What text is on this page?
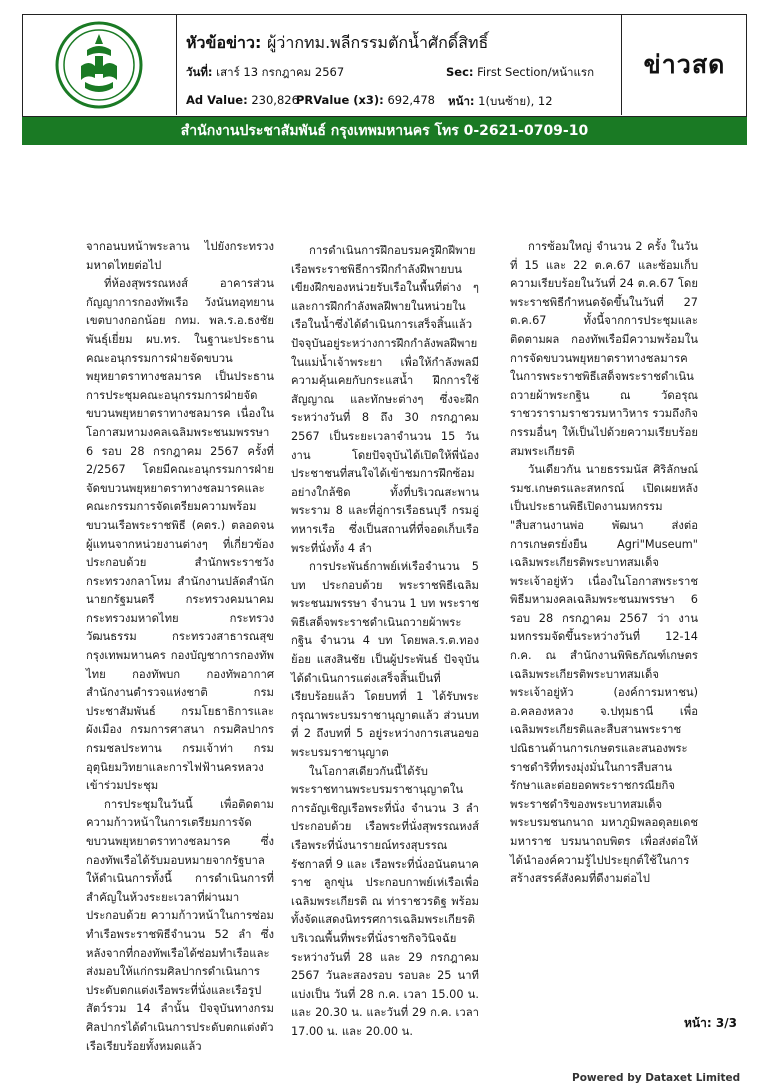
หัวข้อข่าว: ผู้ว่ากทม.พลีกรรมตักน้ำศักดิ์สิทธิ์
วันที่: เสาร์ 13 กรกฎาคม 2567	Sec: First Section/หน้าแรก
Ad Value: 230,826
PRValue (x3): 692,478 หน้า: 1(บนซ้าย), 12
ข่าวสด
สำนักงานประชาสัมพันธ์ กรุงเทพมหานคร โทร 0-2621-0709-10

จากอนบหน้าพระลาน ไปยังกระทรวงมหาดไทยต่อไป

ที่ห้องสุพรรณหงส์ อาคารส่วนกัญญาการกองทัพเรือ วังนันทอุทยาน เขตบางกอกน้อย กทม. พล.ร.อ.ธงชัย พันธุ์เยี่ยม ผบ.ทร. ในฐานะประธานคณะอนุกรรมการฝ่ายจัดขบวนพยุหยาตราทางชลมารค เป็นประธานการประชุมคณะอนุกรรมการฝ่ายจัดขบวนพยุหยาตราทางชลมารค เนื่องในโอกาสมหามงคลเฉลิมพระชนมพรรษา 6 รอบ 28 กรกฎาคม 2567 ครั้งที่ 2/2567 โดยมีคณะอนุกรรมการฝ่ายจัดขบวนพยุหยาตราทางชลมารคและคณะกรรมการจัดเตรียมความพร้อมขบวนเรือพระราชพิธี (คตร.) ตลอดจนผู้แทนจากหน่วยงานต่างๆ ที่เกี่ยวข้อง ประกอบด้วย สำนักพระราชวัง กระทรวงกลาโหม สำนักงานปลัดสำนักนายกรัฐมนตรี กระทรวงคมนาคม กระทรวงมหาดไทย กระทรวงวัฒนธรรม กระทรวงสาธารณสุข กรุงเทพมหานคร กองบัญชาการกองทัพไทย กองทัพบก กองทัพอากาศ สำนักงานตำรวจแห่งชาติ กรมประชาสัมพันธ์ กรมโยธาธิการและผังเมือง กรมการศาสนา กรมศิลปากร กรมชลประทาน กรมเจ้าท่า กรมอุตุนิยมวิทยาและการไฟฟ้านครหลวง เข้าร่วมประชุม

การประชุมในวันนี้ เพื่อติดตามความก้าวหน้าในการเตรียมการจัดขบวนพยุหยาตราทางชลมารค ซึ่งกองทัพเรือได้รับมอบหมายจากรัฐบาลให้ดำเนินการทั้งนี้ การดำเนินการที่สำคัญในห้วงระยะเวลาที่ผ่านมาประกอบด้วย ความก้าวหน้าในการซ่อมทำเรือพระราชพิธีจำนวน 52 ลำ ซึ่งหลังจากที่กองทัพเรือได้ซ่อมทำเรือและส่งมอบให้แก่กรมศิลปากรดำเนินการประดับตกแต่งเรือพระที่นั่งและเรือรูปสัตว์รวม 14 ลำนั้น ปัจจุบันทางกรมศิลปากรได้ดำเนินการประดับตกแต่งตัวเรือเรียบร้อยทั้งหมดแล้ว

การดำเนินการฝึกอบรมครูฝึกฝีพายเรือพระราชพิธีการฝึกกำลังฝีพายบนเขียงฝึกของหน่วยรับเรือในพื้นที่ต่าง ๆ และการฝึกกำลังพลฝีพายในหน่วยในเรือในน้ำซึ่งได้ดำเนินการเสร็จสิ้นแล้ว ปัจจุบันอยู่ระหว่างการฝึกกำลังพลฝีพายในแม่น้ำเจ้าพระยา เพื่อให้กำลังพลมีความคุ้นเคยกับกระแสน้ำ ฝึกการใช้สัญญาณ และทักษะต่างๆ ซึ่งจะฝึกระหว่างวันที่ 8 ถึง 30 กรกฎาคม 2567 เป็นระยะเวลาจำนวน 15 วันงาน โดยปัจจุบันได้เปิดให้พี่น้องประชาชนที่สนใจได้เข้าชมการฝึกซ้อมอย่างใกล้ชิด ทั้งที่บริเวณสะพานพระราม 8 และที่อู่การเรือธนบุรี กรมอู่ทหารเรือ ซึ่งเป็นสถานที่ที่จอดเก็บเรือพระที่นั่งทั้ง 4 ลำ

การประพันธ์กาพย์เห่เรือจำนวน 5 บท ประกอบด้วย พระราชพิธีเฉลิมพระชนมพรรษา จำนวน 1 บท พระราชพิธีเสด็จพระราชดำเนินถวายผ้าพระกฐิน จำนวน 4 บท โดยพล.ร.ต.ทองย้อย แสงสินชัย เป็นผู้ประพันธ์ ปัจจุบันได้ดำเนินการแต่งเสร็จสิ้นเป็นที่เรียบร้อยแล้ว โดยบทที่ 1 ได้รับพระกรุณาพระบรมราชานุญาตแล้ว ส่วนบทที่ 2 ถึงบทที่ 5 อยู่ระหว่างการเสนอขอพระบรมราชานุญาต

ในโอกาสเดียวกันนี้ได้รับพระราชทานพระบรมราชานุญาตในการอัญเชิญเรือพระที่นั่ง จำนวน 3 ลำ ประกอบด้วย เรือพระที่นั่งสุพรรณหงส์ เรือพระที่นั่งนารายณ์ทรงสุบรรณ รัชกาลที่ 9 และ เรือพระที่นั่งอนันตนาคราช ลูกขุ่น ประกอบกาพย์เห่เรือเพื่อเฉลิมพระเกียรติ ณ ท่าราชวรดิฐ พร้อมทั้งจัดแสดงนิทรรศการเฉลิมพระเกียรติบริเวณพื้นที่พระที่นั่งราชกิจวินิจฉัย ระหว่างวันที่ 28 และ 29 กรกฎาคม 2567 วันละสองรอบ รอบละ 25 นาที แบ่งเป็น วันที่ 28 ก.ค. เวลา 15.00 น. และ 20.30 น. และวันที่ 29 ก.ค. เวลา 17.00 น. และ 20.00 น.

การซ้อมใหญ่ จำนวน 2 ครั้ง ในวันที่ 15 และ 22 ต.ค.67 และซ้อมเก็บความเรียบร้อยในวันที่ 24 ต.ค.67 โดยพระราชพิธีกำหนดจัดขึ้นในวันที่ 27 ต.ค.67 ทั้งนี้จากการประชุมและติดตามผล กองทัพเรือมีความพร้อมในการจัดขบวนพยุหยาตราทางชลมารคในการพระราชพิธีเสด็จพระราชดำเนินถวายผ้าพระกฐิน ณ วัดอรุณราชวรารามราชวรมหาวิหาร รวมถึงกิจกรรมอื่นๆ ให้เป็นไปด้วยความเรียบร้อยสมพระเกียรติ

วันเดียวกัน นายธรรมนัส ศิริลักษณ์ รมช.เกษตรและสหกรณ์ เปิดเผยหลังเป็นประธานพิธีเปิดงานมหกรรม "สืบสานงานพ่อ พัฒนา ส่งต่อการเกษตรยั่งยืน Agri"Museum" เฉลิมพระเกียรติพระบาทสมเด็จพระเจ้าอยู่หัว เนื่องในโอกาสพระราชพิธีมหามงคลเฉลิมพระชนมพรรษา 6 รอบ 28 กรกฎาคม 2567 ว่า งานมหกรรมจัดขึ้นระหว่างวันที่ 12-14 ก.ค. ณ สำนักงานพิพิธภัณฑ์เกษตรเฉลิมพระเกียรติพระบาทสมเด็จพระเจ้าอยู่หัว (องค์การมหาชน) อ.คลองหลวง จ.ปทุมธานี เพื่อเฉลิมพระเกียรติและสืบสานพระราชปณิธานด้านการเกษตรและสนองพระราชดำริที่ทรงมุ่งมั่นในการสืบสาน รักษาและต่อยอดพระราชกรณียกิจ พระราชดำริของพระบาทสมเด็จพระบรมชนกนาถ มหาภูมิพลอดุลยเดชมหาราช บรมนาถบพิตร เพื่อส่งต่อให้ได้นำองค์ความรู้ไปประยุกต์ใช้ในการสร้างสรรค์สังคมที่ดีงามต่อไป

หน้า: 3/3
Powered by Dataxet Limited
